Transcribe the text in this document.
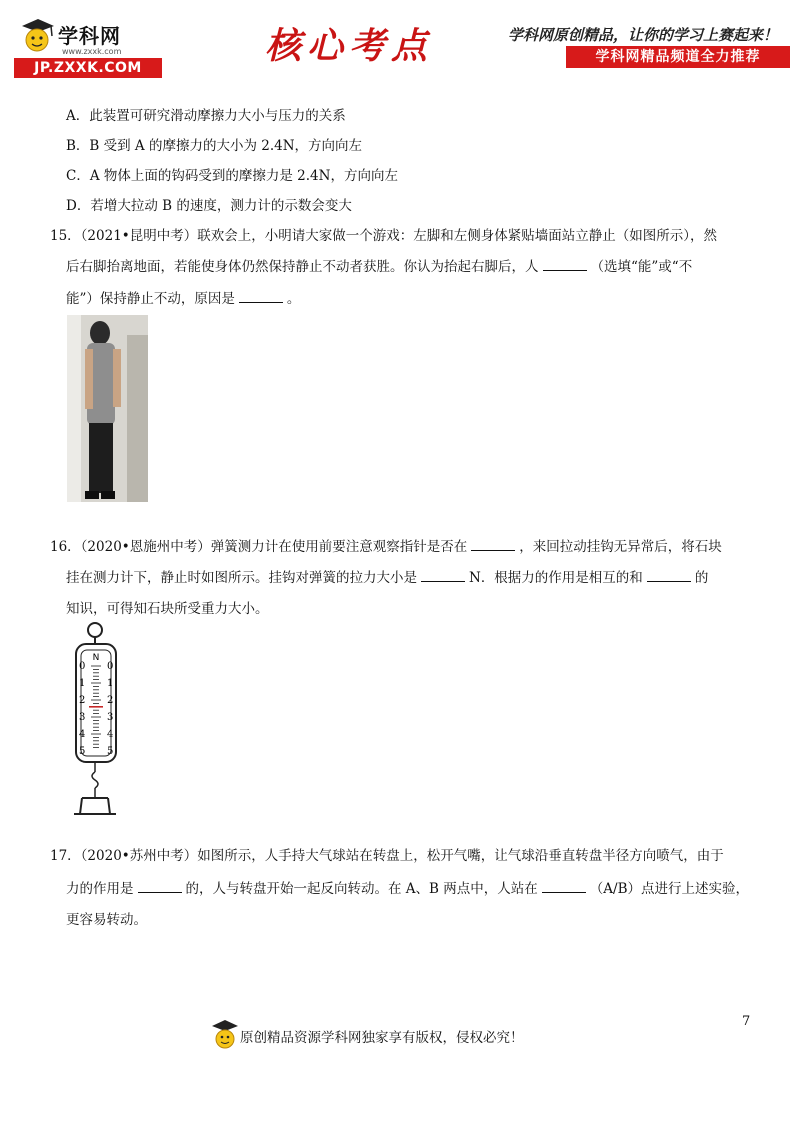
学科网
www.zxxk.com
JP.ZXXK.COM
核心考点	学科网原创精品，让你的学习上赛起来！
学科网精品频道全力推荐
A．此装置可研究滑动摩擦力大小与压力的关系
B．B 受到 A 的摩擦力的大小为 2.4N，方向向左
C．A 物体上面的钩码受到的摩擦力是 2.4N，方向向左
D．若增大拉动 B 的速度，测力计的示数会变大
15．（2021•昆明中考）联欢会上，小明请大家做一个游戏：左脚和左侧身体紧贴墙面站立静止（如图所示），然
后右脚抬离地面，若能使身体仍然保持静止不动者获胜。你认为抬起右脚后，人	（选填“能”或“不
能”）保持静止不动，原因是	。
16．（2020•恩施州中考）弹簧测力计在使用前要注意观察指针是否在	，来回拉动挂钩无异常后，将石块
挂在测力计下，静止时如图所示。挂钩对弹簧的拉力大小是	N．根据力的作用是相互的和	的
知识，可得知石块所受重力大小。
N
0 0
1 1
2 2
3 3
4 4
5 5
17．（2020•苏州中考）如图所示，人手持大气球站在转盘上，松开气嘴，让气球沿垂直转盘半径方向喷气，由于
力的作用是	的，人与转盘开始一起反向转动。在 A、B 两点中，人站在	（A/B）点进行上述实验，
更容易转动。
原创精品资源学科网独家享有版权，侵权必究！
7
